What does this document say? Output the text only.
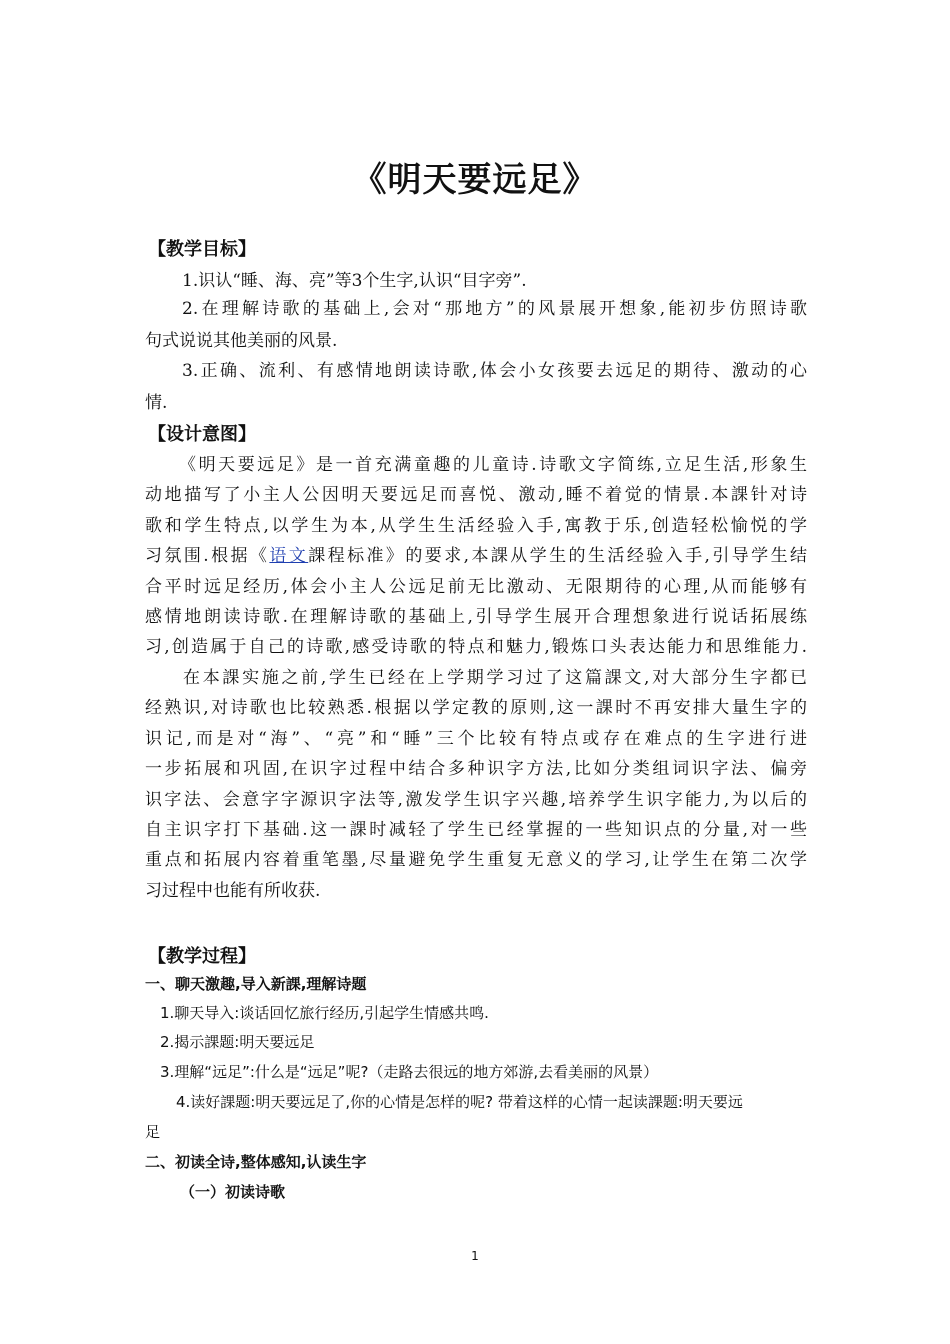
《明天要远足》
【教学目标】
1.识认“睡、海、亮”等3个生字,认识“目字旁”.
2.在理解诗歌的基础上,会对“那地方”的风景展开想象,能初步仿照诗歌
句式说说其他美丽的风景.
3.正确、流利、有感情地朗读诗歌,体会小女孩要去远足的期待、激动的心
情.
【设计意图】
《明天要远足》是一首充满童趣的儿童诗.诗歌文字简练,立足生活,形象生
动地描写了小主人公因明天要远足而喜悦、激动,睡不着觉的情景.本課针对诗
歌和学生特点,以学生为本,从学生生活经验入手,寓教于乐,创造轻松愉悦的学
习氛围.根据《语文課程标准》的要求,本課从学生的生活经验入手,引导学生结
合平时远足经历,体会小主人公远足前无比激动、无限期待的心理,从而能够有
感情地朗读诗歌.在理解诗歌的基础上,引导学生展开合理想象进行说话拓展练
习,创造属于自己的诗歌,感受诗歌的特点和魅力,锻炼口头表达能力和思维能力.
在本課实施之前,学生已经在上学期学习过了这篇課文,对大部分生字都已
经熟识,对诗歌也比较熟悉.根据以学定教的原则,这一課时不再安排大量生字的
识记,而是对“海”、“亮”和“睡”三个比较有特点或存在难点的生字进行进
一步拓展和巩固,在识字过程中结合多种识字方法,比如分类组词识字法、偏旁
识字法、会意字字源识字法等,激发学生识字兴趣,培养学生识字能力,为以后的
自主识字打下基础.这一課时减轻了学生已经掌握的一些知识点的分量,对一些
重点和拓展内容着重笔墨,尽量避免学生重复无意义的学习,让学生在第二次学
习过程中也能有所收获.
【教学过程】
一、聊天激趣,导入新課,理解诗题
1.聊天导入:谈话回忆旅行经历,引起学生情感共鸣.
2.揭示課题:明天要远足
3.理解“远足”:什么是“远足”呢?（走路去很远的地方郊游,去看美丽的风景）
4.读好課题:明天要远足了,你的心情是怎样的呢? 带着这样的心情一起读課题:明天要远
足
二、初读全诗,整体感知,认读生字
（一）初读诗歌
1
